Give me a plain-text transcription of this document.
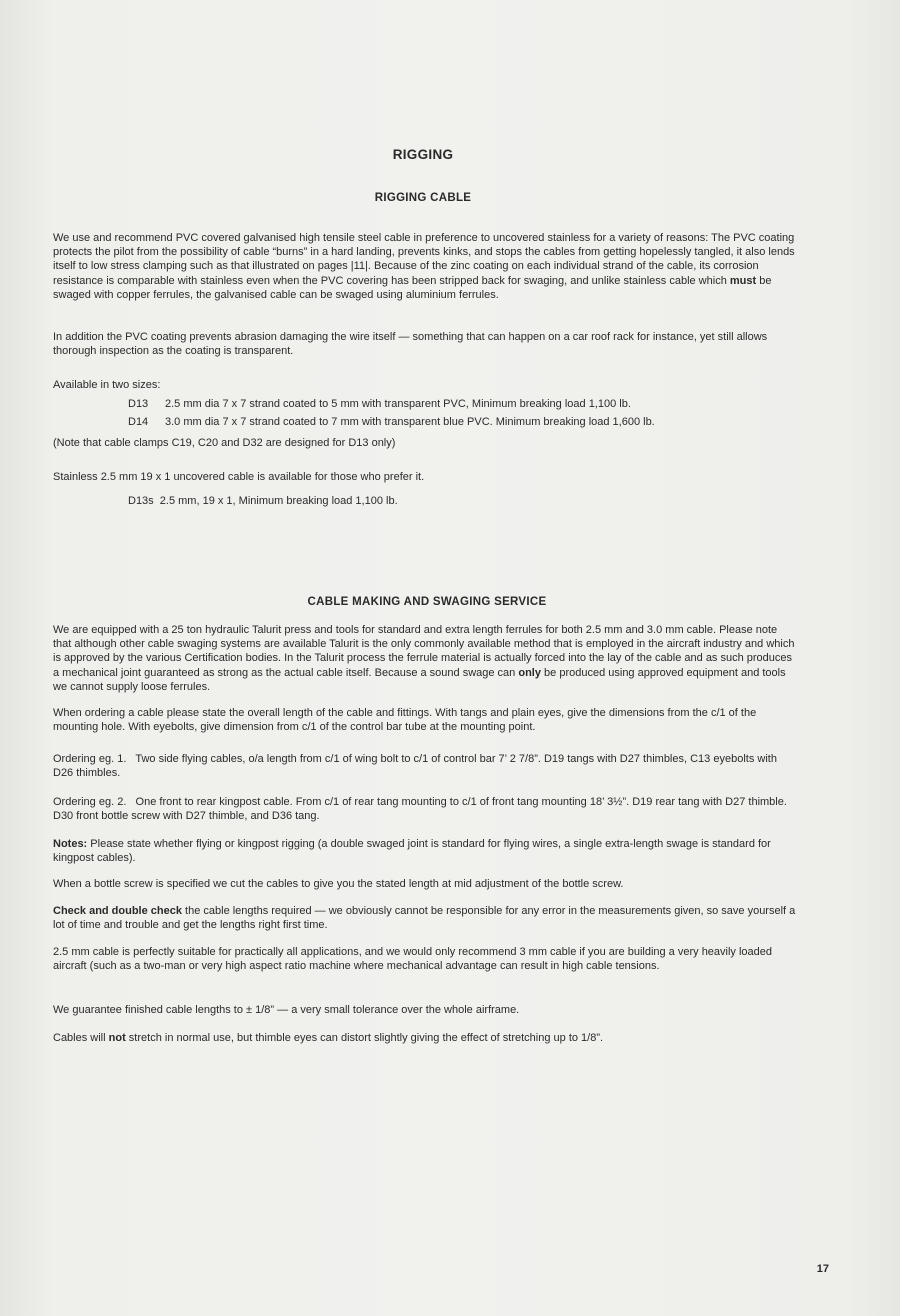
RIGGING
RIGGING CABLE

We use and recommend PVC covered galvanised high tensile steel cable in preference to uncovered stainless for a variety of reasons: The PVC coating protects the pilot from the possibility of cable “burns” in a hard landing, prevents kinks, and stops the cables from getting hopelessly tangled, it also lends itself to low stress clamping such as that illustrated on pages |11|. Because of the zinc coating on each individual strand of the cable, its corrosion resistance is comparable with stainless even when the PVC covering has been stripped back for swaging, and unlike stainless cable which must be swaged with copper ferrules, the galvanised cable can be swaged using aluminium ferrules.

In addition the PVC coating prevents abrasion damaging the wire itself — something that can happen on a car roof rack for instance, yet still allows thorough inspection as the coating is transparent.

Available in two sizes:
D13 2.5 mm dia 7 x 7 strand coated to 5 mm with transparent PVC, Minimum breaking load 1,100 lb.
D14 3.0 mm dia 7 x 7 strand coated to 7 mm with transparent blue PVC. Minimum breaking load 1,600 lb.
(Note that cable clamps C19, C20 and D32 are designed for D13 only)
Stainless 2.5 mm 19 x 1 uncovered cable is available for those who prefer it.
D13s  2.5 mm, 19 x 1, Minimum breaking load 1,100 lb.
CABLE MAKING AND SWAGING SERVICE

We are equipped with a 25 ton hydraulic Talurit press and tools for standard and extra length ferrules for both 2.5 mm and 3.0 mm cable. Please note that although other cable swaging systems are available Talurit is the only commonly available method that is employed in the aircraft industry and which is approved by the various Certification bodies. In the Talurit process the ferrule material is actually forced into the lay of the cable and as such produces a mechanical joint guaranteed as strong as the actual cable itself. Because a sound swage can only be produced using approved equipment and tools we cannot supply loose ferrules.

When ordering a cable please state the overall length of the cable and fittings. With tangs and plain eyes, give the dimensions from the c/1 of the mounting hole. With eyebolts, give dimension from c/1 of the control bar tube at the mounting point.

Ordering eg. 1.   Two side flying cables, o/a length from c/1 of wing bolt to c/1 of control bar 7’ 2 7/8”. D19 tangs with D27 thimbles, C13 eyebolts with D26 thimbles.

Ordering eg. 2.   One front to rear kingpost cable. From c/1 of rear tang mounting to c/1 of front tang mounting 18’ 3½”. D19 rear tang with D27 thimble. D30 front bottle screw with D27 thimble, and D36 tang.

Notes: Please state whether flying or kingpost rigging (a double swaged joint is standard for flying wires, a single extra-length swage is standard for kingpost cables).

When a bottle screw is specified we cut the cables to give you the stated length at mid adjustment of the bottle screw.

Check and double check the cable lengths required — we obviously cannot be responsible for any error in the measurements given, so save yourself a lot of time and trouble and get the lengths right first time.

2.5 mm cable is perfectly suitable for practically all applications, and we would only recommend 3 mm cable if you are building a very heavily loaded aircraft (such as a two-man or very high aspect ratio machine where mechanical advantage can result in high cable tensions.

We guarantee finished cable lengths to ± 1/8” — a very small tolerance over the whole airframe.

Cables will not stretch in normal use, but thimble eyes can distort slightly giving the effect of stretching up to 1/8”.

17
